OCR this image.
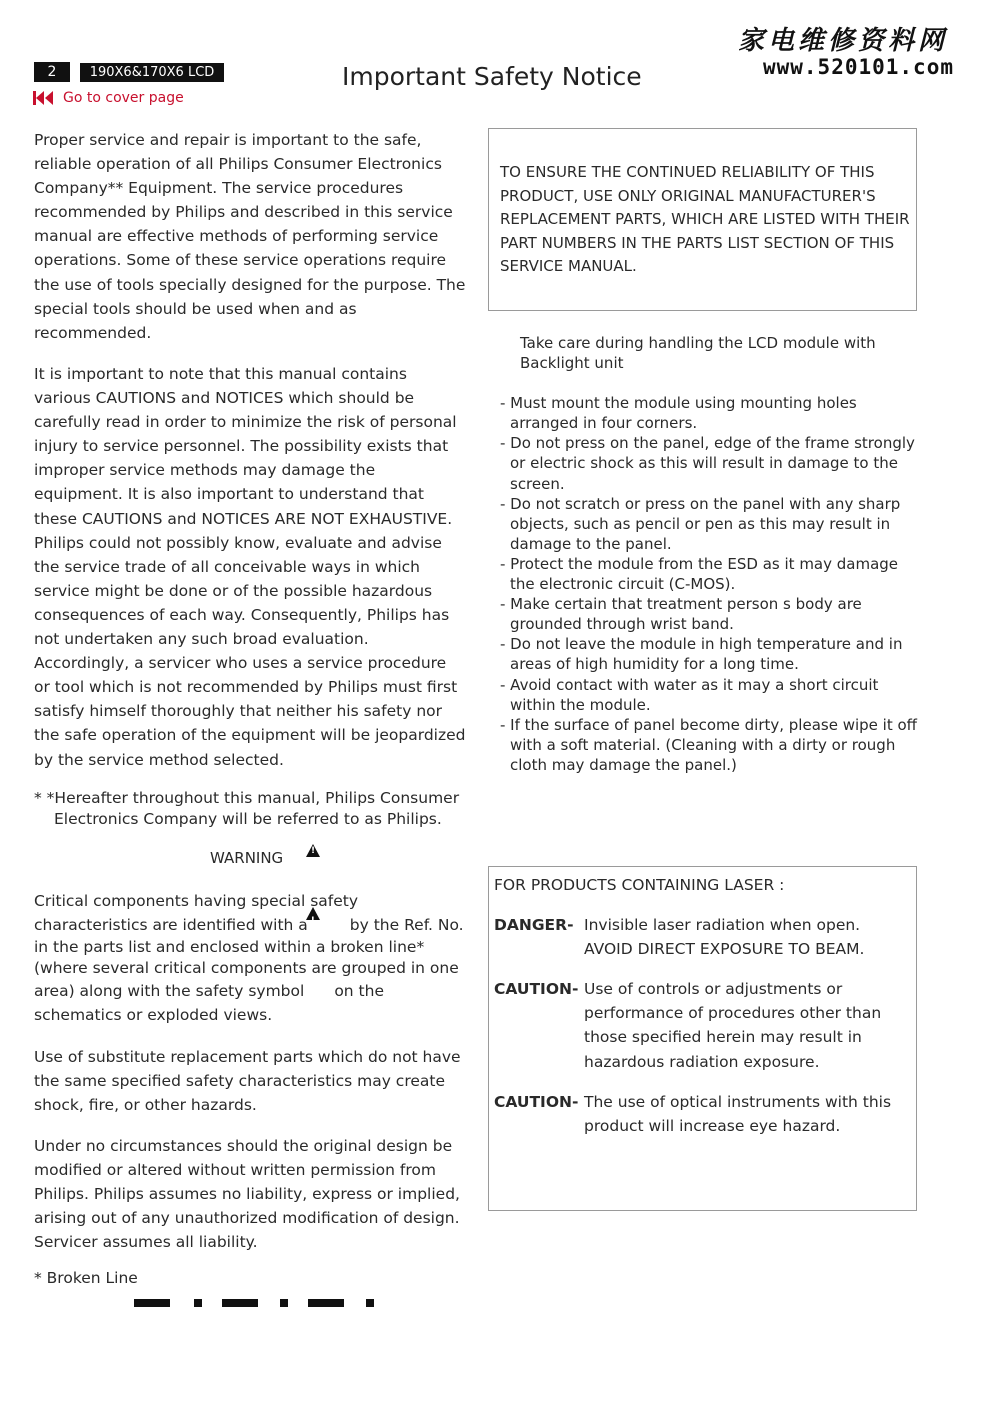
2	190X6&170X6 LCD
Go to cover page
Important Safety Notice
家电维修资料网
www.520101.com

Proper service and repair is important to the safe, reliable operation of all Philips Consumer Electronics Company** Equipment. The service procedures recommended by Philips and described in this service manual are effective methods of performing service operations. Some of these service operations require the use of tools specially designed for the purpose. The special tools should be used when and as recommended.

It is important to note that this manual contains various CAUTIONS and NOTICES which should be carefully read in order to minimize the risk of personal injury to service personnel. The possibility exists that improper service methods may damage the equipment. It is also important to understand that these CAUTIONS and NOTICES ARE NOT EXHAUSTIVE. Philips could not possibly know, evaluate and advise the service trade of all conceivable ways in which service might be done or of the possible hazardous consequences of each way. Consequently, Philips has not undertaken any such broad evaluation. Accordingly, a servicer who uses a service procedure or tool which is not recommended by Philips must first satisfy himself thoroughly that neither his safety nor the safe operation of the equipment will be jeopardized by the service method selected.

* *Hereafter throughout this manual, Philips Consumer
Electronics Company will be referred to as Philips.
WARNING !
Critical components having special safety
characteristics are identified with a!	by the Ref. No.
in the parts list and enclosed within a broken line*
(where several critical components are grouped in one
area) along with the safety symbol on the
schematics or exploded views.

Use of substitute replacement parts which do not have the same specified safety characteristics may create shock, fire, or other hazards.

Under no circumstances should the original design be modified or altered without written permission from Philips. Philips assumes no liability, express or implied, arising out of any unauthorized modification of design. Servicer assumes all liability.

* Broken Line

TO ENSURE THE CONTINUED RELIABILITY OF THIS PRODUCT, USE ONLY ORIGINAL MANUFACTURER'S REPLACEMENT PARTS, WHICH ARE LISTED WITH THEIR PART NUMBERS IN THE PARTS LIST SECTION OF THIS SERVICE MANUAL.

Take care during handling the LCD module with Backlight unit

- Must mount the module using mounting holes arranged in four corners.

- Do not press on the panel, edge of the frame strongly or electric shock as this will result in damage to the screen.

- Do not scratch or press on the panel with any sharp objects, such as pencil or pen as this may result in damage to the panel.

- Protect the module from the ESD as it may damage the electronic circuit (C-MOS).

- Make certain that treatment person s body are grounded through wrist band.

- Do not leave the module in high temperature and in areas of high humidity for a long time.

- Avoid contact with water as it may a short circuit within the module.

- If the surface of panel become dirty, please wipe it off with a soft material. (Cleaning with a dirty or rough cloth may damage the panel.)

FOR PRODUCTS CONTAINING LASER :
DANGER- Invisible laser radiation when open. AVOID DIRECT EXPOSURE TO BEAM.
CAUTION- Use of controls or adjustments or performance of procedures other than those specified herein may result in hazardous radiation exposure.
CAUTION- The use of optical instruments with this product will increase eye hazard.
